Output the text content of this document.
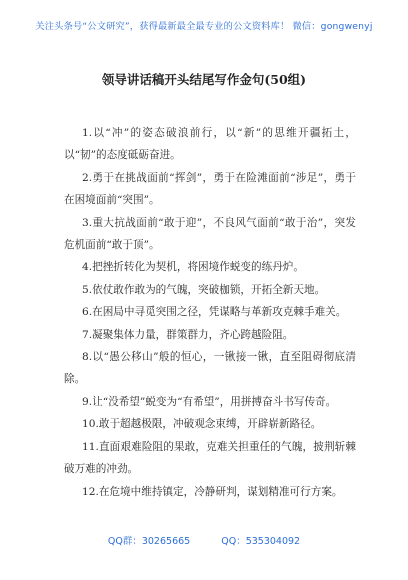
关注头条号“公文研究”，获得最新最全最专业的公文资料库！ 微信：gongwenyj
领导讲话稿开头结尾写作金句(50组)

1.以“冲”的姿态破浪前行，以“新”的思维开疆拓土，以“韧”的态度砥砺奋进。

2.勇于在挑战面前“挥剑”，勇于在险滩面前“涉足”，勇于在困境面前“突围”。

3.重大抗战面前“敢于迎”，不良风气面前“敢于治”，突发危机面前“敢于顶”。

4.把挫折转化为契机，将困境作蜕变的练丹炉。

5.依仗敢作敢为的气魄，突破枷锁，开拓全新天地。

6.在困局中寻觅突围之径，凭谋略与革新攻克棘手难关。

7.凝聚集体力量，群策群力，齐心跨越险阻。

8.以“愚公移山”般的恒心，一锹接一锹，直至阻碍彻底清除。

9.让“没希望”蜕变为“有希望”，用拼搏奋斗书写传奇。

10.敢于超越极限，冲破观念束缚，开辟崭新路径。

11.直面艰难险阻的果敢，克难关担重任的气魄，披荆斩棘破万难的冲劲。

12.在危境中维持镇定，冷静研判，谋划精准可行方案。

QQ群：30265665	QQ：535304092
